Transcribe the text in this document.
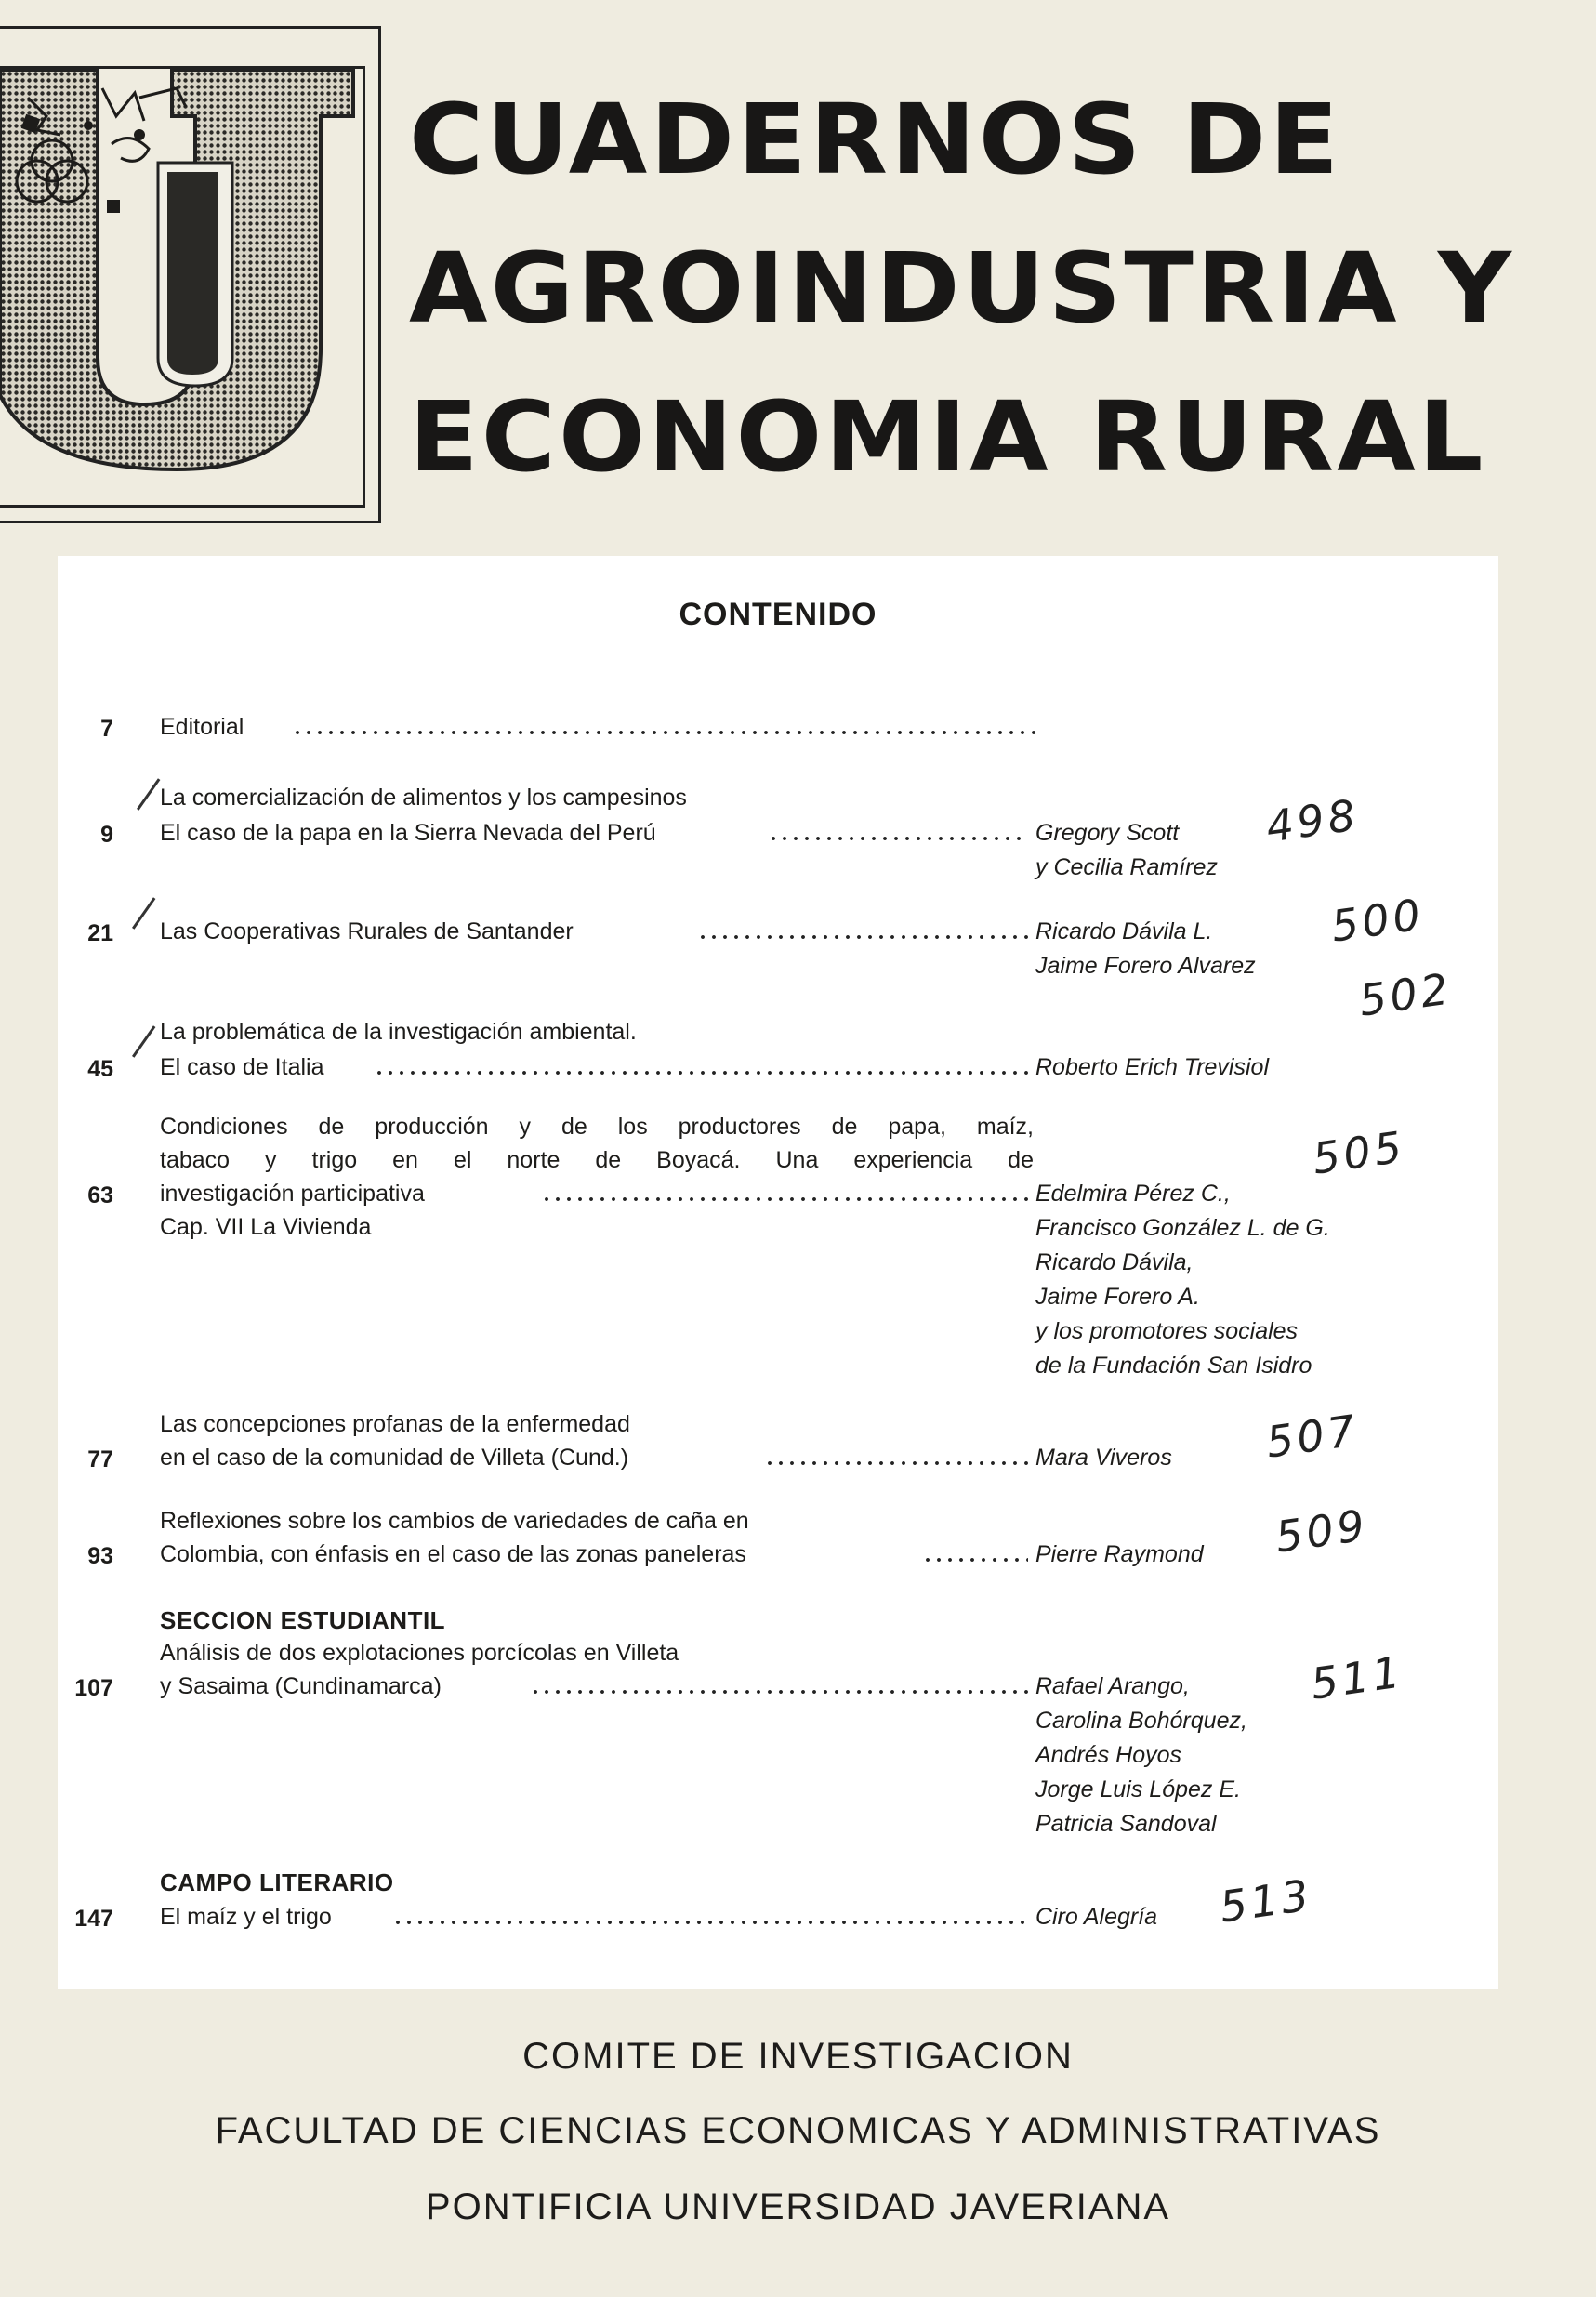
CUADERNOS DE
AGROINDUSTRIA Y
ECONOMIA RURAL
CONTENIDO
7 Editorial
La comercialización de alimentos y los campesinos
9 El caso de la papa en la Sierra Nevada del Perú	Gregory Scott
y Cecilia Ramírez
498
21 Las Cooperativas Rurales de Santander	Ricardo Dávila L.
Jaime Forero Alvarez
500
502
La problemática de la investigación ambiental.
45 El caso de Italia	Roberto Erich Trevisiol
Condiciones de producción y de los productores de papa, maíz,
tabaco y trigo en el norte de Boyacá. Una experiencia de
63 investigación participativa
Cap. VII La Vivienda
Edelmira Pérez C.,
Francisco González L. de G.
Ricardo Dávila,
Jaime Forero A.
y los promotores sociales
de la Fundación San Isidro
505
Las concepciones profanas de la enfermedad
77 en el caso de la comunidad de Villeta (Cund.)	Mara Viveros 507
Reflexiones sobre los cambios de variedades de caña en
93 Colombia, con énfasis en el caso de las zonas paneleras	Pierre Raymond 509
SECCION ESTUDIANTIL
Análisis de dos explotaciones porcícolas en Villeta
107 y Sasaima (Cundinamarca)	Rafael Arango,
Carolina Bohórquez,
Andrés Hoyos
Jorge Luis López E.
Patricia Sandoval
511
CAMPO LITERARIO
147 El maíz y el trigo	Ciro Alegría 513
COMITE DE INVESTIGACION
FACULTAD DE CIENCIAS ECONOMICAS Y ADMINISTRATIVAS
PONTIFICIA UNIVERSIDAD JAVERIANA
